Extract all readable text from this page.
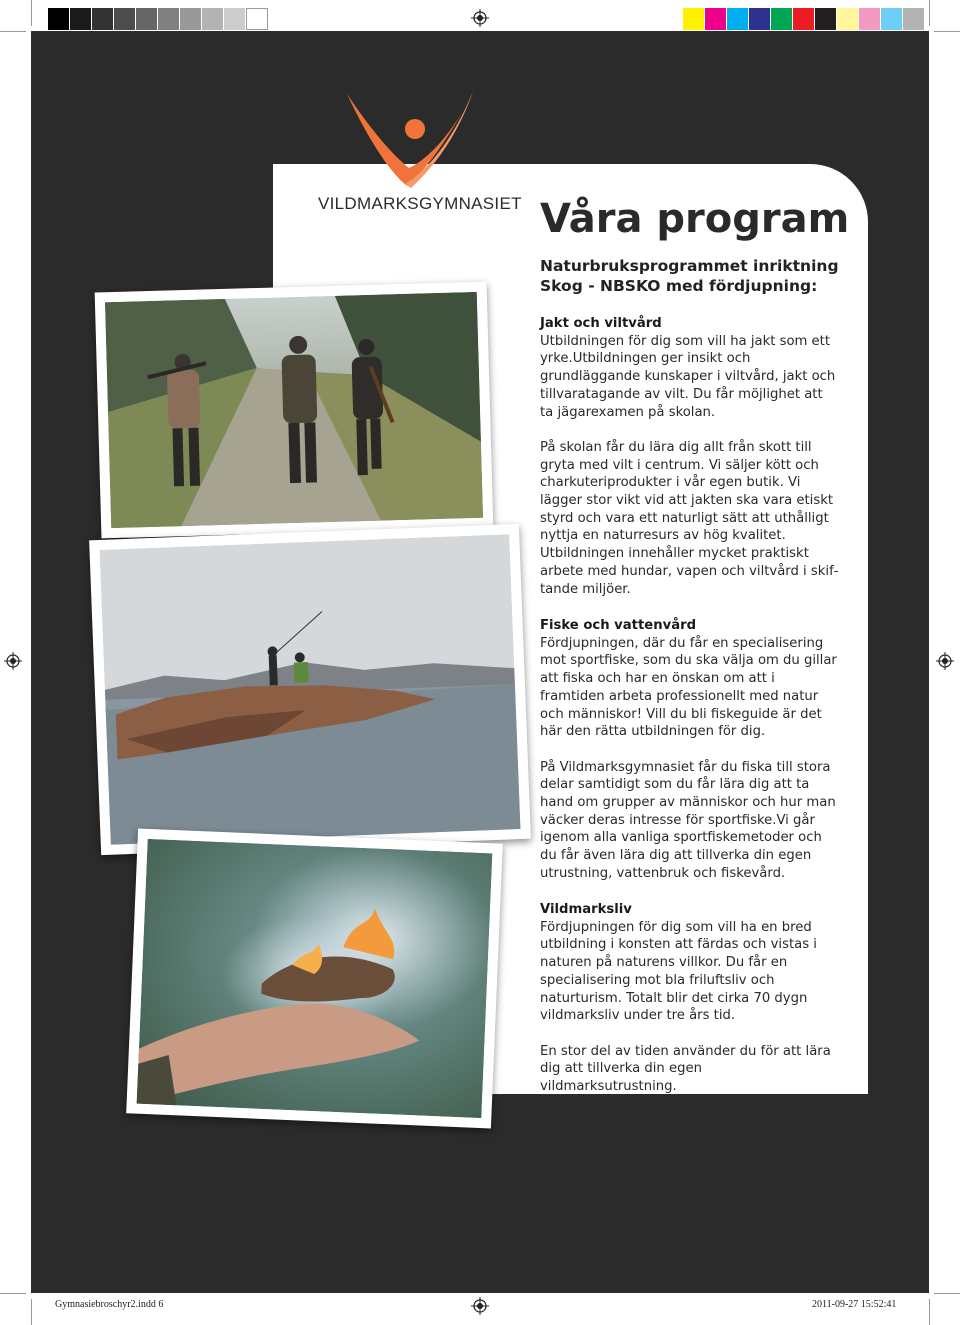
VILDMARKSGYMNASIET Våra program
Naturbruksprogrammet inriktning Skog - NBSKO med fördjupning:
Jakt och viltvård

Utbildningen för dig som vill ha jakt som ett yrke.Utbildningen ger insikt och grundläggande kunskaper i viltvård, jakt och tillvaratagande av vilt. Du får möjlighet att ta jägarexamen på skolan.

På skolan får du lära dig allt från skott till gryta med vilt i centrum. Vi säljer kött och charkuteriprodukter i vår egen butik. Vi lägger stor vikt vid att jakten ska vara etiskt styrd och vara ett naturligt sätt att uthålligt nyttja en naturresurs av hög kvalitet. Utbildningen innehåller mycket praktiskt arbete med hundar, vapen och viltvård i skiftande miljöer.

Fiske och vattenvård

Fördjupningen, där du får en specialisering mot sportfiske, som du ska välja om du gillar att fiska och har en önskan om att i framtiden arbeta professionellt med natur och människor! Vill du bli fiskeguide är det här den rätta utbildningen för dig.

På Vildmarksgymnasiet får du fiska till stora delar samtidigt som du får lära dig att ta hand om grupper av människor och hur man väcker deras intresse för sportfiske.Vi går igenom alla vanliga sportfiskemetoder och du får även lära dig att tillverka din egen utrustning, vattenbruk och fiskevård.

Vildmarksliv

Fördjupningen för dig som vill ha en bred utbildning i konsten att färdas och vistas i naturen på naturens villkor. Du får en specialisering mot bla friluftsliv och naturturism. Totalt blir det cirka 70 dygn vildmarksliv under tre års tid.

En stor del av tiden använder du för att lära dig att tillverka din egen vildmarksutrustning.

Gymnasiebroschyr2.indd 6	2011-09-27 15:52:41
